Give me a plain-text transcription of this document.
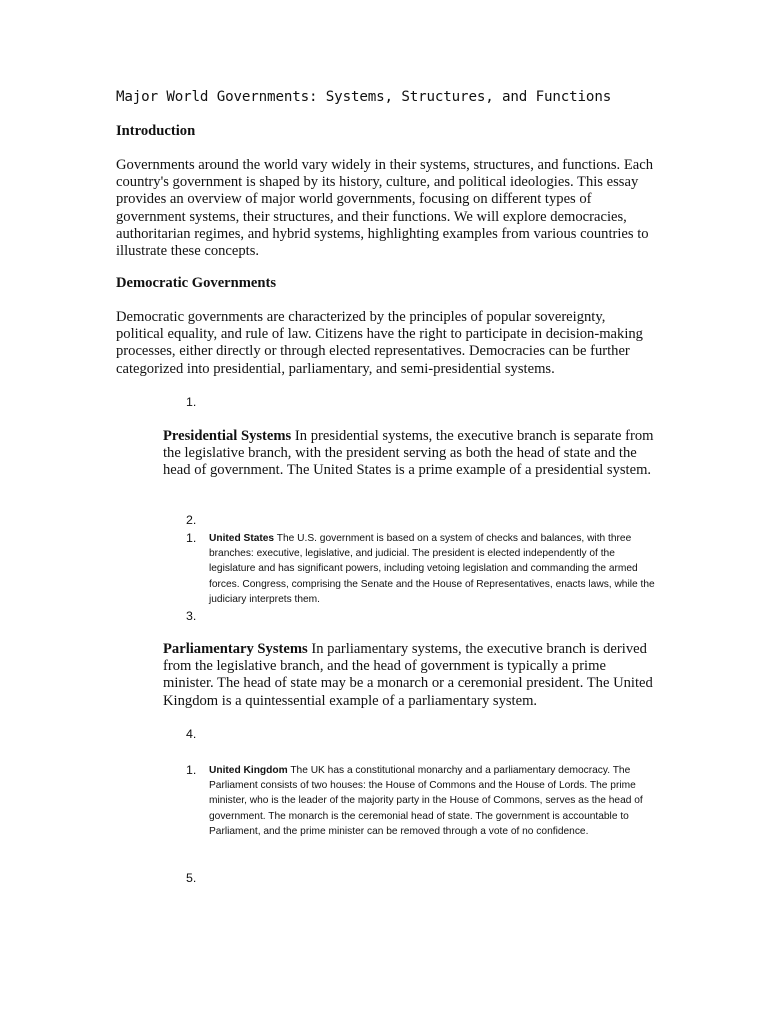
Major World Governments: Systems, Structures, and Functions
Introduction
Governments around the world vary widely in their systems, structures, and functions. Each country's government is shaped by its history, culture, and political ideologies. This essay provides an overview of major world governments, focusing on different types of government systems, their structures, and their functions. We will explore democracies, authoritarian regimes, and hybrid systems, highlighting examples from various countries to illustrate these concepts.
Democratic Governments
Democratic governments are characterized by the principles of popular sovereignty, political equality, and rule of law. Citizens have the right to participate in decision-making processes, either directly or through elected representatives. Democracies can be further categorized into presidential, parliamentary, and semi-presidential systems.
1.
Presidential Systems In presidential systems, the executive branch is separate from the legislative branch, with the president serving as both the head of state and the head of government. The United States is a prime example of a presidential system.
2.
1. United States The U.S. government is based on a system of checks and balances, with three branches: executive, legislative, and judicial. The president is elected independently of the legislature and has significant powers, including vetoing legislation and commanding the armed forces. Congress, comprising the Senate and the House of Representatives, enacts laws, while the judiciary interprets them.
3.
Parliamentary Systems In parliamentary systems, the executive branch is derived from the legislative branch, and the head of government is typically a prime minister. The head of state may be a monarch or a ceremonial president. The United Kingdom is a quintessential example of a parliamentary system.
4.
1. United Kingdom The UK has a constitutional monarchy and a parliamentary democracy. The Parliament consists of two houses: the House of Commons and the House of Lords. The prime minister, who is the leader of the majority party in the House of Commons, serves as the head of government. The monarch is the ceremonial head of state. The government is accountable to Parliament, and the prime minister can be removed through a vote of no confidence.
5.
